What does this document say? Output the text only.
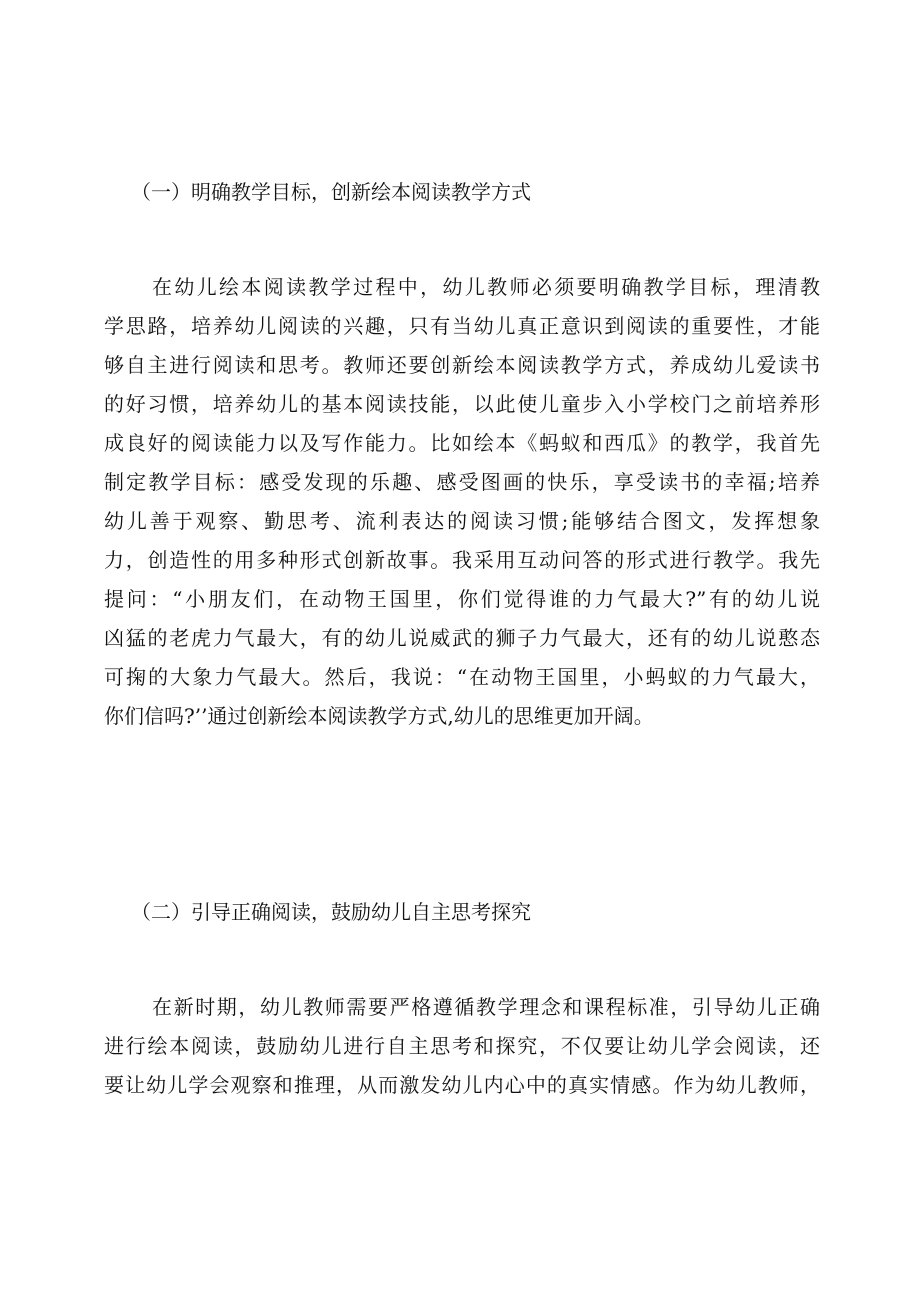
（一）明确教学目标，创新绘本阅读教学方式
在幼儿绘本阅读教学过程中，幼儿教师必须要明确教学目标，理清教
学思路，培养幼儿阅读的兴趣，只有当幼儿真正意识到阅读的重要性，才能
够自主进行阅读和思考。教师还要创新绘本阅读教学方式，养成幼儿爱读书
的好习惯，培养幼儿的基本阅读技能，以此使儿童步入小学校门之前培养形
成良好的阅读能力以及写作能力。比如绘本《蚂蚁和西瓜》的教学，我首先
制定教学目标：感受发现的乐趣、感受图画的快乐，享受读书的幸福;培养
幼儿善于观察、勤思考、流利表达的阅读习惯;能够结合图文，发挥想象
力，创造性的用多种形式创新故事。我采用互动问答的形式进行教学。我先
提问：“小朋友们，在动物王国里，你们觉得谁的力气最大?”有的幼儿说
凶猛的老虎力气最大，有的幼儿说威武的狮子力气最大，还有的幼儿说憨态
可掬的大象力气最大。然后，我说：“在动物王国里，小蚂蚁的力气最大，
你们信吗?’’通过创新绘本阅读教学方式,幼儿的思维更加开阔。
（二）引导正确阅读，鼓励幼儿自主思考探究
在新时期，幼儿教师需要严格遵循教学理念和课程标准，引导幼儿正确
进行绘本阅读，鼓励幼儿进行自主思考和探究，不仅要让幼儿学会阅读，还
要让幼儿学会观察和推理，从而激发幼儿内心中的真实情感。作为幼儿教师，
